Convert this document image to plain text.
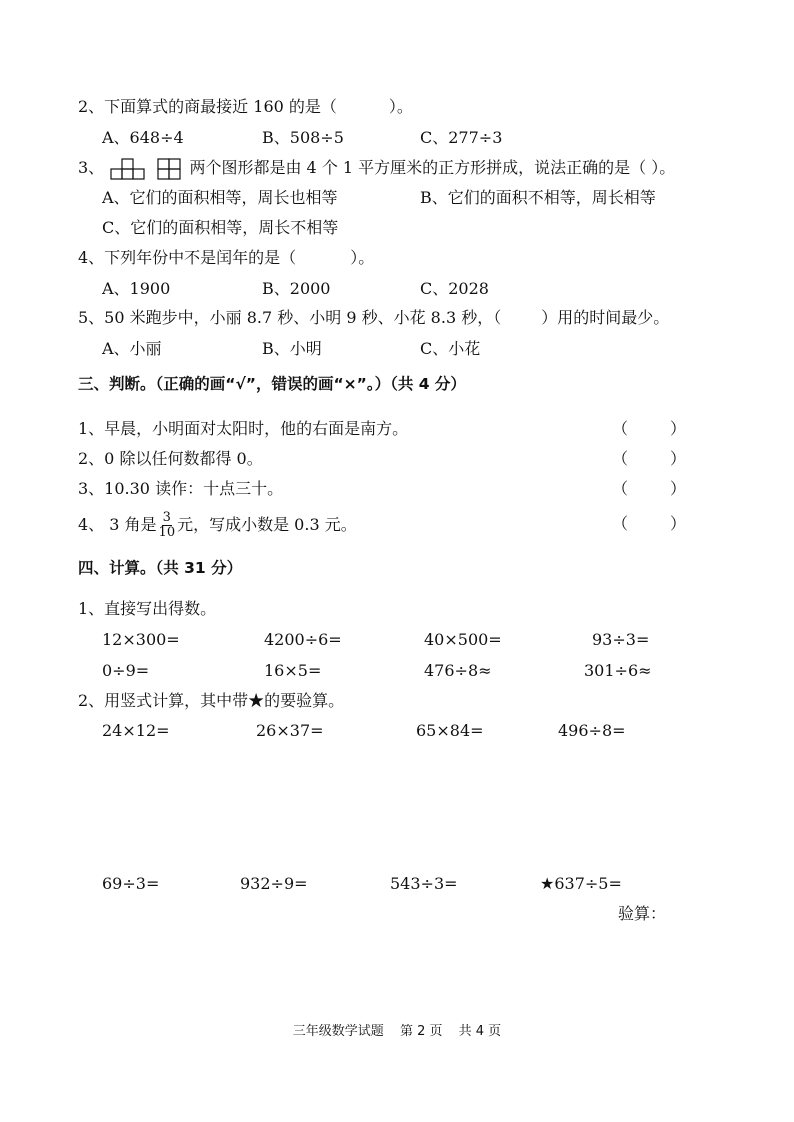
2、下面算式的商最接近 160 的是（	）。
A、648÷4	B、508÷5	C、277÷3
3、	两个图形都是由 4 个 1 平方厘米的正方形拼成，说法正确的是（ ）。
A、它们的面积相等，周长也相等	B、它们的面积不相等，周长相等
C、它们的面积相等，周长不相等
4、下列年份中不是闰年的是（	）。
A、1900	B、2000	C、2028
5、50 米跑步中，小丽 8.7 秒、小明 9 秒、小花 8.3 秒，（	）用的时间最少。
A、小丽	B、小明	C、小花
三、判断。（正确的画“√”，错误的画“×”。）（共 4 分）
1、早晨，小明面对太阳时，他的右面是南方。	（	）
2、0 除以任何数都得 0。	（	）
3、10.30 读作：十点三十。	（	）
4、 3 角是 $\frac{3}{10}$ 元，写成小数是 0.3 元。	（	）
四、计算。（共 31 分）
1、直接写出得数。
12×300=	4200÷6=	40×500=	93÷3=
0÷9=	16×5=	476÷8≈	301÷6≈
2、用竖式计算，其中带★的要验算。
24×12=	26×37=	65×84=	496÷8=
69÷3=	932÷9=	543÷3=	★637÷5=
验算：
三年级数学试题 第 2 页 共 4 页
